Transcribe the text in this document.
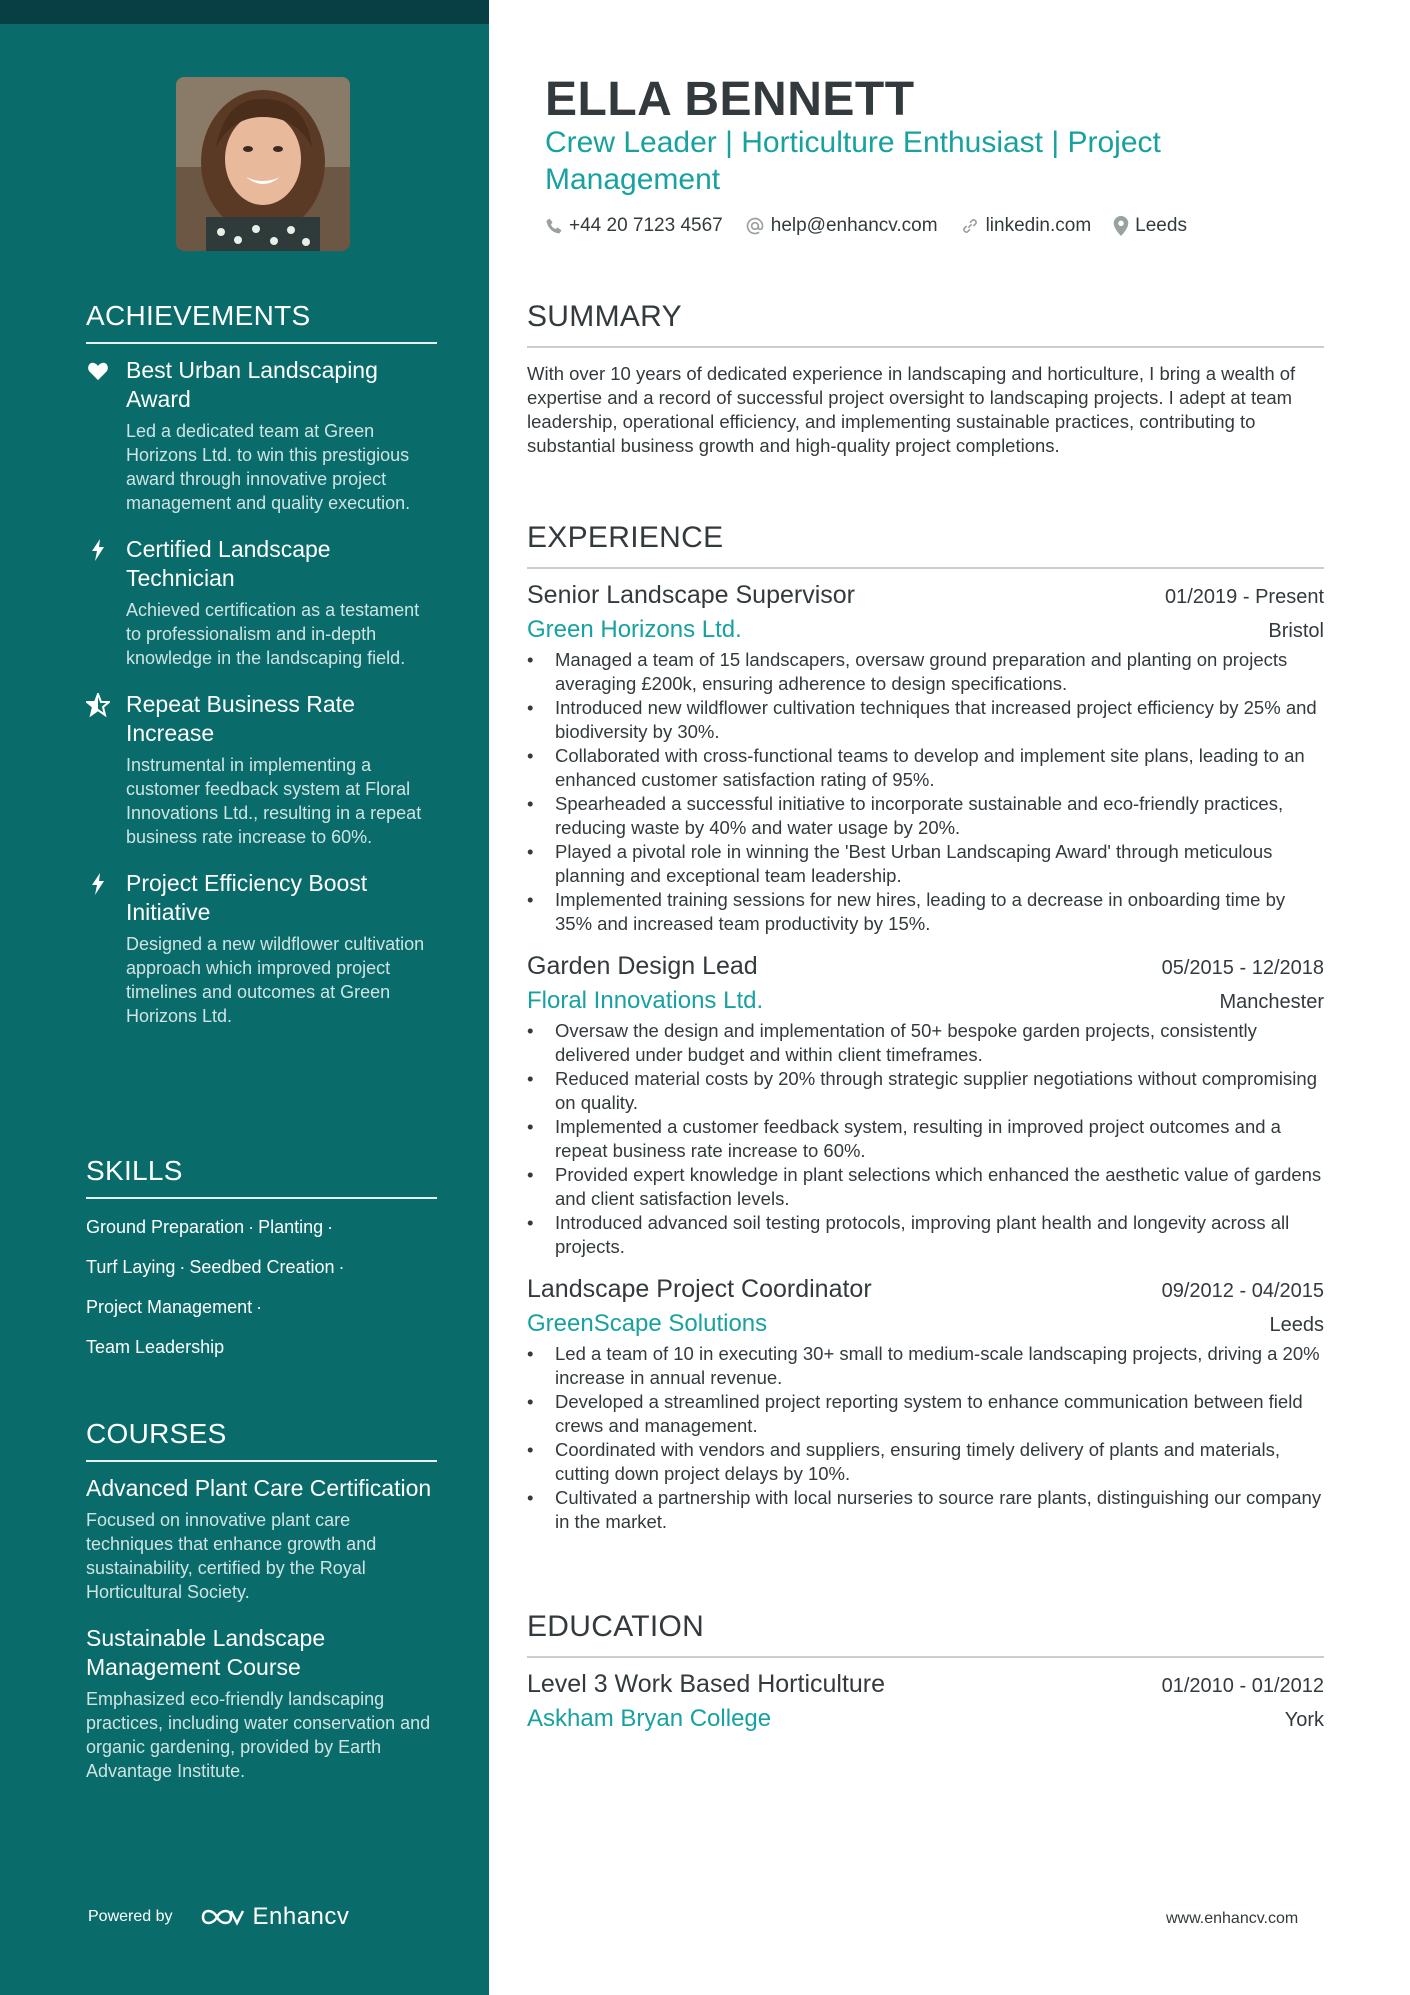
ACHIEVEMENTS
Best Urban Landscaping Award
Led a dedicated team at Green Horizons Ltd. to win this prestigious award through innovative project management and quality execution.
Certified Landscape Technician
Achieved certification as a testament to professionalism and in-depth knowledge in the landscaping field.
Repeat Business Rate Increase
Instrumental in implementing a customer feedback system at Floral Innovations Ltd., resulting in a repeat business rate increase to 60%.
Project Efficiency Boost Initiative
Designed a new wildflower cultivation approach which improved project timelines and outcomes at Green Horizons Ltd.
SKILLS
Ground Preparation · Planting ·
Turf Laying · Seedbed Creation ·
Project Management ·
Team Leadership
COURSES
Advanced Plant Care Certification
Focused on innovative plant care techniques that enhance growth and sustainability, certified by the Royal Horticultural Society.
Sustainable Landscape Management Course
Emphasized eco-friendly landscaping practices, including water conservation and organic gardening, provided by Earth Advantage Institute.
Powered by	Enhancv
ELLA BENNETT
Crew Leader | Horticulture Enthusiast | Project Management
+44 20 7123 4567	help@enhancv.com	linkedin.com Leeds
SUMMARY
With over 10 years of dedicated experience in landscaping and horticulture, I bring a wealth of expertise and a record of successful project oversight to landscaping projects. I adept at team leadership, operational efficiency, and implementing sustainable practices, contributing to substantial business growth and high-quality project completions.
EXPERIENCE
Senior Landscape Supervisor	01/2019 - Present
Green Horizons Ltd.	Bristol
• Managed a team of 15 landscapers, oversaw ground preparation and planting on projects averaging £200k, ensuring adherence to design specifications.
• Introduced new wildflower cultivation techniques that increased project efficiency by 25% and biodiversity by 30%.
• Collaborated with cross-functional teams to develop and implement site plans, leading to an enhanced customer satisfaction rating of 95%.
• Spearheaded a successful initiative to incorporate sustainable and eco-friendly practices, reducing waste by 40% and water usage by 20%.
• Played a pivotal role in winning the 'Best Urban Landscaping Award' through meticulous planning and exceptional team leadership.
• Implemented training sessions for new hires, leading to a decrease in onboarding time by 35% and increased team productivity by 15%.
Garden Design Lead	05/2015 - 12/2018
Floral Innovations Ltd.	Manchester
• Oversaw the design and implementation of 50+ bespoke garden projects, consistently delivered under budget and within client timeframes.
• Reduced material costs by 20% through strategic supplier negotiations without compromising on quality.
• Implemented a customer feedback system, resulting in improved project outcomes and a repeat business rate increase to 60%.
• Provided expert knowledge in plant selections which enhanced the aesthetic value of gardens and client satisfaction levels.
• Introduced advanced soil testing protocols, improving plant health and longevity across all projects.
Landscape Project Coordinator	09/2012 - 04/2015
GreenScape Solutions	Leeds
• Led a team of 10 in executing 30+ small to medium-scale landscaping projects, driving a 20% increase in annual revenue.
• Developed a streamlined project reporting system to enhance communication between field crews and management.
• Coordinated with vendors and suppliers, ensuring timely delivery of plants and materials, cutting down project delays by 10%.
• Cultivated a partnership with local nurseries to source rare plants, distinguishing our company in the market.
EDUCATION
Level 3 Work Based Horticulture	01/2010 - 01/2012
Askham Bryan College	York
www.enhancv.com
